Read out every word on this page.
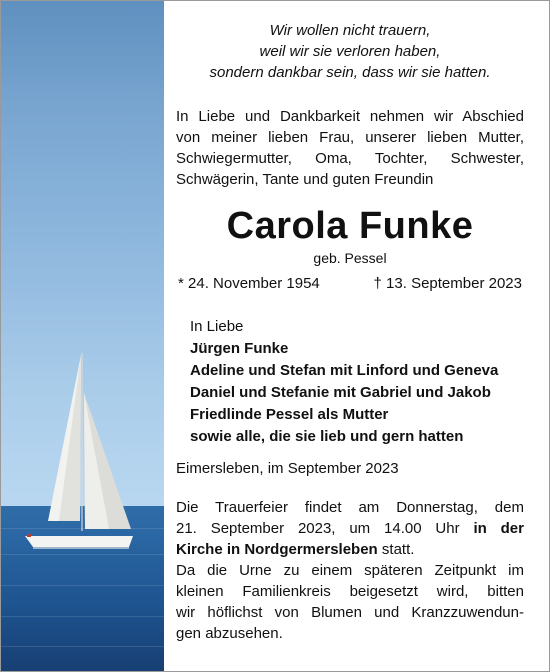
Wir wollen nicht trauern,
weil wir sie verloren haben,
sondern dankbar sein, dass wir sie hatten.
In Liebe und Dankbarkeit nehmen wir Abschied
von meiner lieben Frau, unserer lieben Mutter,
Schwiegermutter, Oma, Tochter, Schwester,
Schwägerin, Tante und guten Freundin
Carola Funke
geb. Pessel
* 24. November 1954	† 13. September 2023
In Liebe
Jürgen Funke
Adeline und Stefan mit Linford und Geneva
Daniel und Stefanie mit Gabriel und Jakob
Friedlinde Pessel als Mutter
sowie alle, die sie lieb und gern hatten
Eimersleben, im September 2023
Die Trauerfeier findet am Donnerstag, dem
21. September 2023, um 14.00 Uhr in der
Kirche in Nordgermersleben statt.
Da die Urne zu einem späteren Zeitpunkt im
kleinen Familienkreis beigesetzt wird, bitten
wir höflichst von Blumen und Kranzzuwendun-
gen abzusehen.
